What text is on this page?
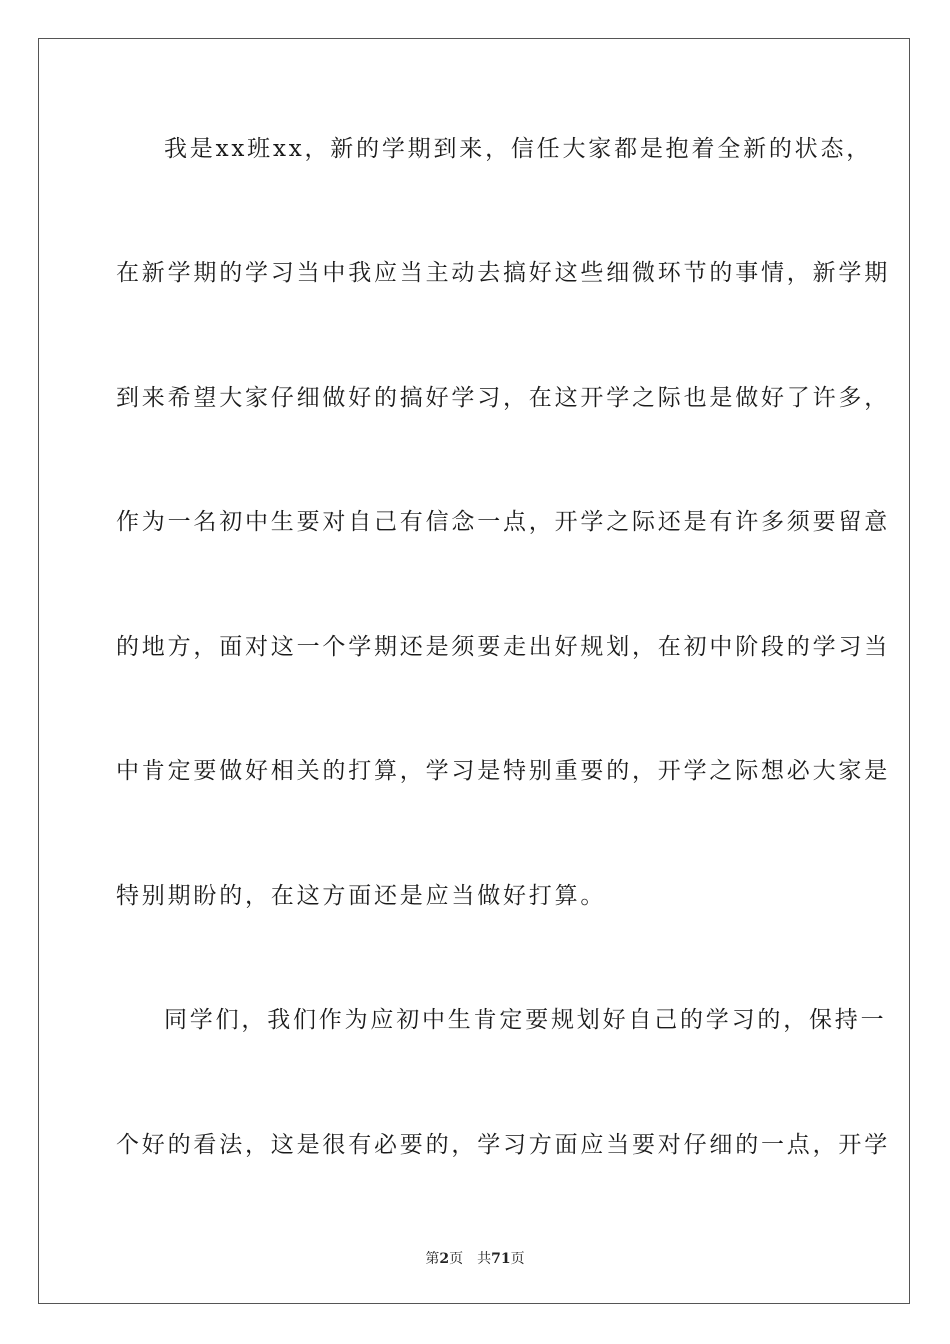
我是xx班xx，新的学期到来，信任大家都是抱着全新的状态，
在新学期的学习当中我应当主动去搞好这些细微环节的事情，新学期
到来希望大家仔细做好的搞好学习，在这开学之际也是做好了许多，
作为一名初中生要对自己有信念一点，开学之际还是有许多须要留意
的地方，面对这一个学期还是须要走出好规划，在初中阶段的学习当
中肯定要做好相关的打算，学习是特别重要的，开学之际想必大家是
特别期盼的，在这方面还是应当做好打算。
同学们，我们作为应初中生肯定要规划好自己的学习的，保持一
个好的看法，这是很有必要的，学习方面应当要对仔细的一点，开学
第2页 共71页
